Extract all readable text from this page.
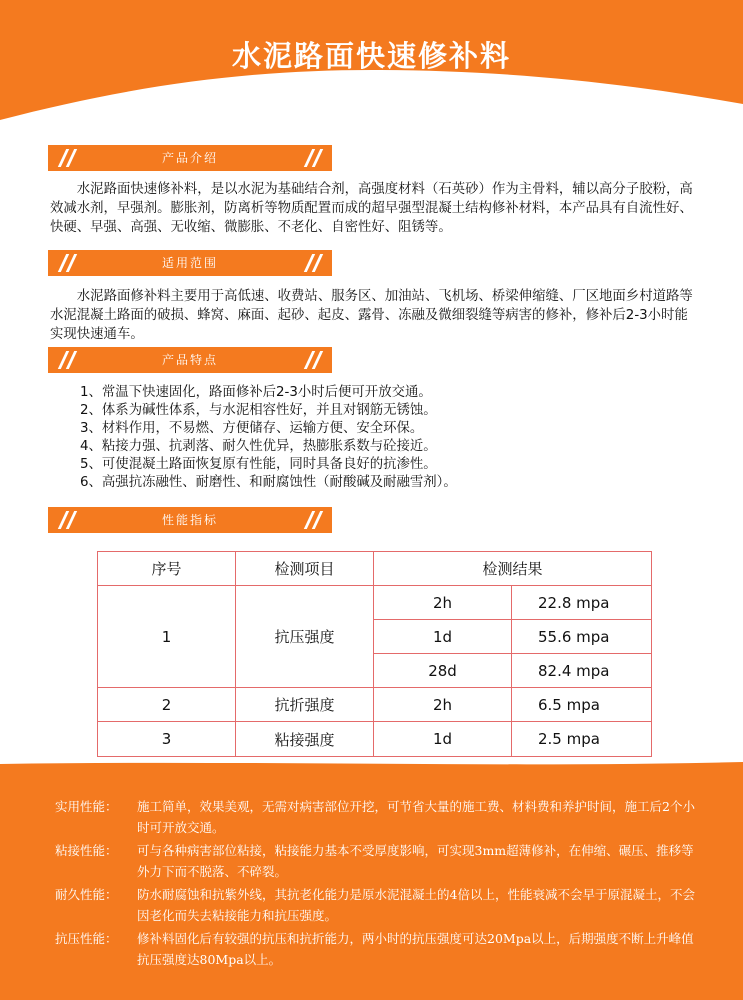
水泥路面快速修补料
产品介绍

水泥路面快速修补料，是以水泥为基础结合剂，高强度材料（石英砂）作为主骨料，辅以高分子胶粉，高效减水剂，早强剂。膨胀剂，防离析等物质配置而成的超早强型混凝土结构修补材料，本产品具有自流性好、快硬、早强、高强、无收缩、微膨胀、不老化、自密性好、阻锈等。

适用范围

水泥路面修补料主要用于高低速、收费站、服务区、加油站、飞机场、桥梁伸缩缝、厂区地面乡村道路等水泥混凝土路面的破损、蜂窝、麻面、起砂、起皮、露骨、冻融及微细裂缝等病害的修补，修补后2-3小时能实现快速通车。

产品特点
1、常温下快速固化，路面修补后2-3小时后便可开放交通。
2、体系为碱性体系，与水泥相容性好，并且对钢筋无锈蚀。
3、材料作用，不易燃、方便储存、运输方便、安全环保。
4、粘接力强、抗剥落、耐久性优异，热膨胀系数与砼接近。
5、可使混凝土路面恢复原有性能，同时具备良好的抗渗性。
6、高强抗冻融性、耐磨性、和耐腐蚀性（耐酸碱及耐融雪剂）。
性能指标
序号	检测项目	检测结果	
1	抗压强度	2h	22.8 mpa
		1d	55.6 mpa
		28d	82.4 mpa
2	抗折强度	2h	6.5 mpa
3	粘接强度	1d	2.5 mpa
实用性能：	施工简单，效果美观，无需对病害部位开挖，可节省大量的施工费、材料费和养护时间，施工后2个小时可开放交通。
粘接性能：	可与各种病害部位粘接，粘接能力基本不受厚度影响，可实现3mm超薄修补，在伸缩、碾压、推移等外力下而不脱落、不碎裂。
耐久性能：	防水耐腐蚀和抗紫外线，其抗老化能力是原水泥混凝土的4倍以上，性能衰减不会早于原混凝土，不会因老化而失去粘接能力和抗压强度。
抗压性能：	修补料固化后有较强的抗压和抗折能力，两小时的抗压强度可达20Mpa以上，后期强度不断上升峰值抗压强度达80Mpa以上。
